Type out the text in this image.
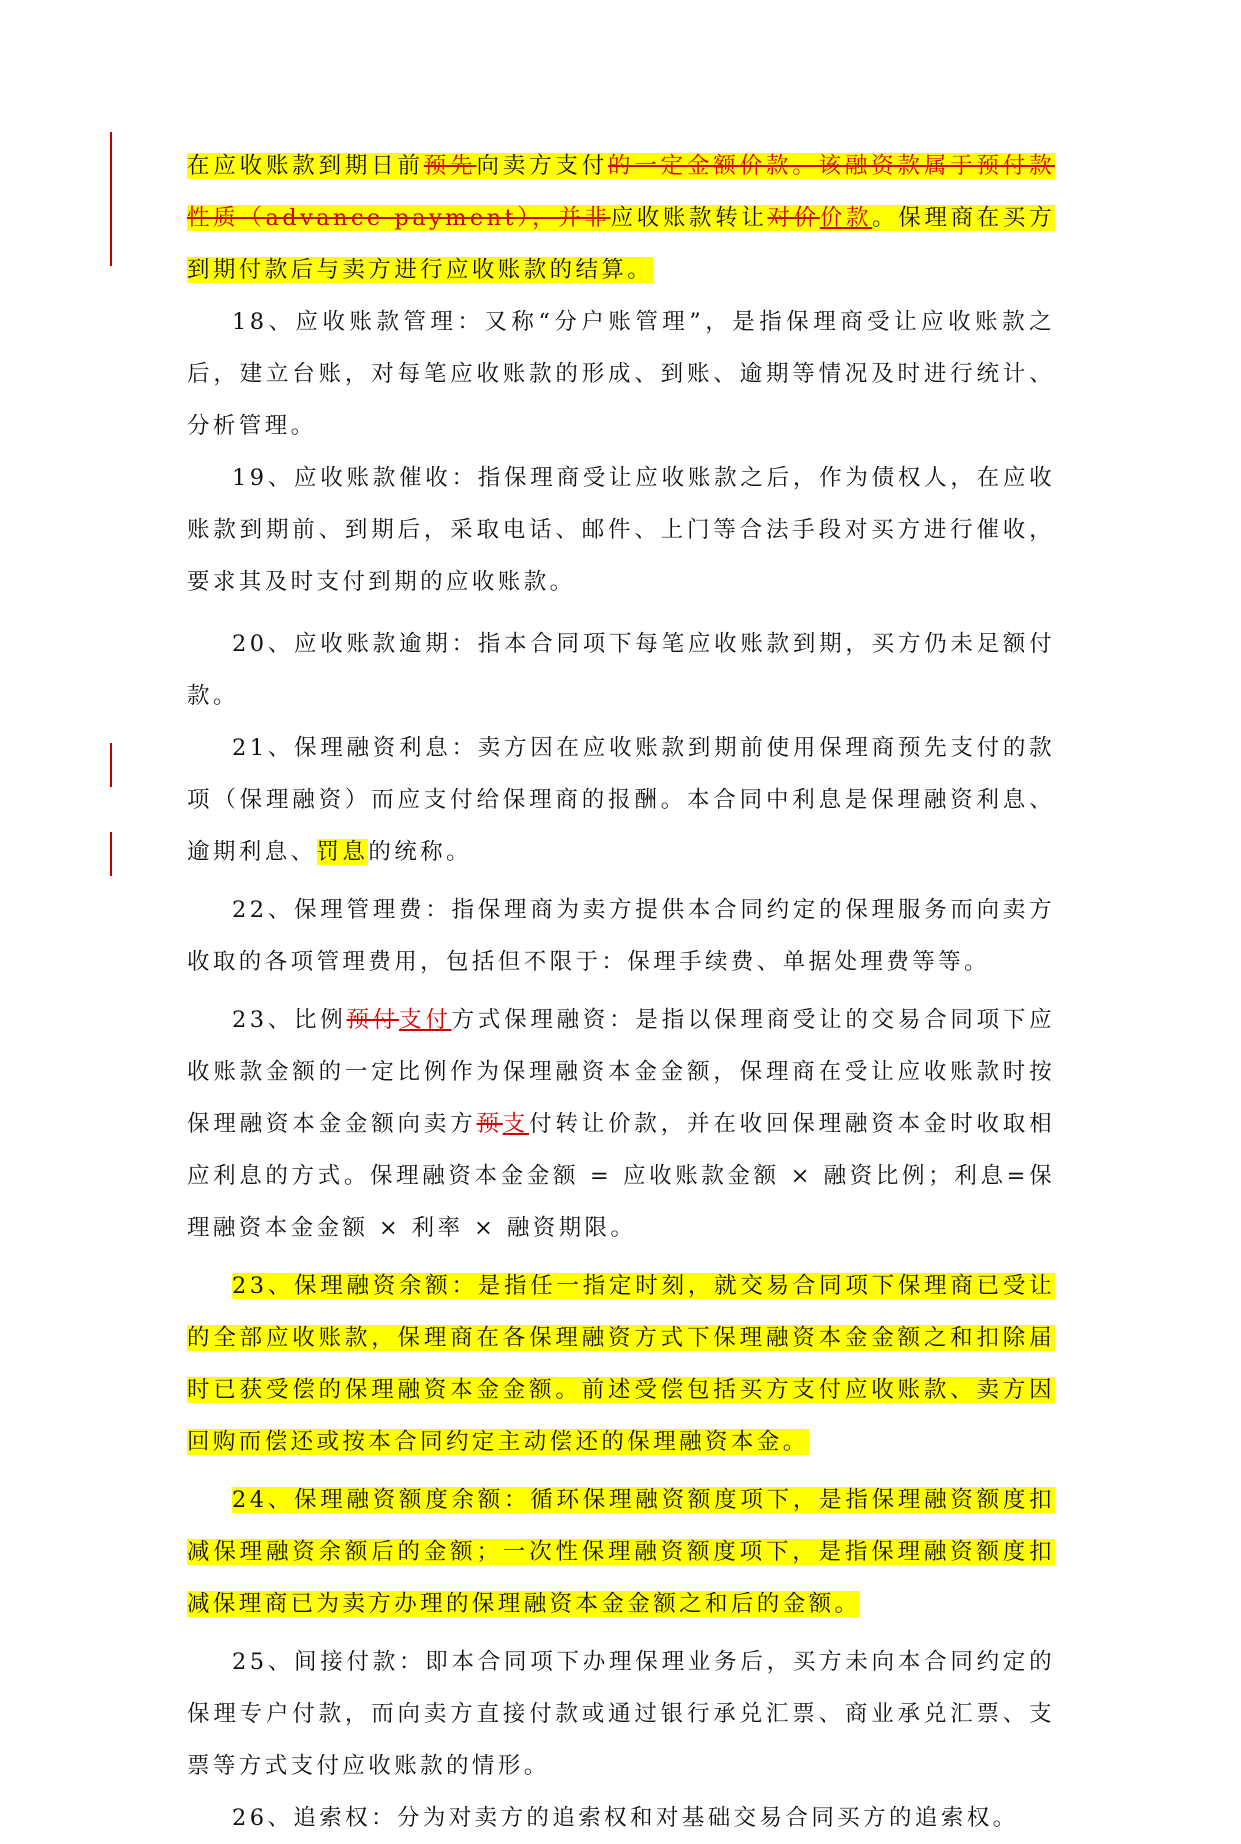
在应收账款到期日前预先向卖方支付的一定金额价款。该融资款属于预付款性质（advance payment），并非应收账款转让对价价款。保理商在买方到期付款后与卖方进行应收账款的结算。

18、应收账款管理：又称“分户账管理”，是指保理商受让应收账款之后，建立台账，对每笔应收账款的形成、到账、逾期等情况及时进行统计、分析管理。

19、应收账款催收：指保理商受让应收账款之后，作为债权人，在应收账款到期前、到期后，采取电话、邮件、上门等合法手段对买方进行催收，要求其及时支付到期的应收账款。

20、应收账款逾期：指本合同项下每笔应收账款到期，买方仍未足额付款。

21、保理融资利息：卖方因在应收账款到期前使用保理商预先支付的款项（保理融资）而应支付给保理商的报酬。本合同中利息是保理融资利息、逾期利息、罚息的统称。

22、保理管理费：指保理商为卖方提供本合同约定的保理服务而向卖方收取的各项管理费用，包括但不限于：保理手续费、单据处理费等等。

23、比例预付支付方式保理融资：是指以保理商受让的交易合同项下应收账款金额的一定比例作为保理融资本金金额，保理商在受让应收账款时按保理融资本金金额向卖方预支付转让价款，并在收回保理融资本金时收取相应利息的方式。保理融资本金金额 = 应收账款金额 × 融资比例；利息=保理融资本金金额 × 利率 × 融资期限。

23、保理融资余额：是指任一指定时刻，就交易合同项下保理商已受让的全部应收账款，保理商在各保理融资方式下保理融资本金金额之和扣除届时已获受偿的保理融资本金金额。前述受偿包括买方支付应收账款、卖方因回购而偿还或按本合同约定主动偿还的保理融资本金。

24、保理融资额度余额：循环保理融资额度项下，是指保理融资额度扣减保理融资余额后的金额；一次性保理融资额度项下，是指保理融资额度扣减保理商已为卖方办理的保理融资本金金额之和后的金额。

25、间接付款：即本合同项下办理保理业务后，买方未向本合同约定的保理专户付款，而向卖方直接付款或通过银行承兑汇票、商业承兑汇票、支票等方式支付应收账款的情形。

26、追索权：分为对卖方的追索权和对基础交易合同买方的追索权。
